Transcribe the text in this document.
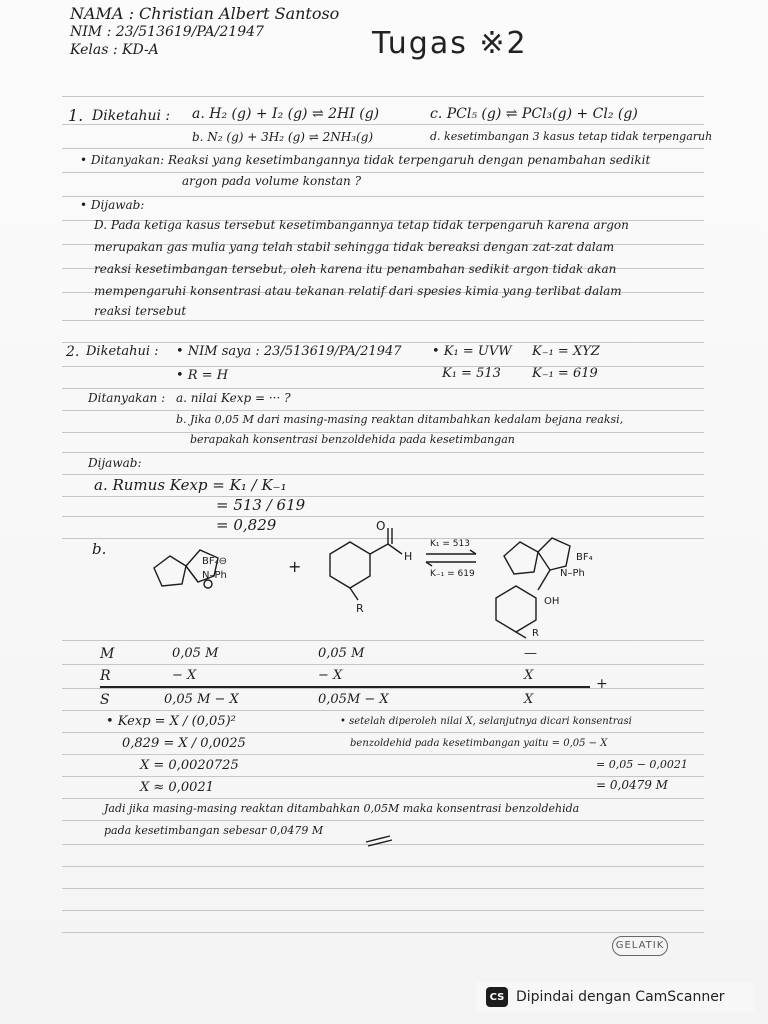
NAMA : Christian Albert Santoso
NIM : 23/513619/PA/21947
Kelas : KD-A	Tugas ※2
1. Diketahui : a. H₂ (g) + I₂ (g) ⇌ 2HI (g)	c. PCl₅ (g) ⇌ PCl₃(g) + Cl₂ (g)
b. N₂ (g) + 3H₂ (g) ⇌ 2NH₃(g)	d. kesetimbangan 3 kasus tetap tidak terpengaruh
• Ditanyakan: Reaksi yang kesetimbangannya tidak terpengaruh dengan penambahan sedikit
argon pada volume konstan ?
• Dijawab:
D. Pada ketiga kasus tersebut kesetimbangannya tetap tidak terpengaruh karena argon
merupakan gas mulia yang telah stabil sehingga tidak bereaksi dengan zat-zat dalam
reaksi kesetimbangan tersebut, oleh karena itu penambahan sedikit argon tidak akan
mempengaruhi konsentrasi atau tekanan relatif dari spesies kimia yang terlibat dalam
reaksi tersebut
2. Diketahui : • NIM saya : 23/513619/PA/21947 • K₁ = UVW K₋₁ = XYZ
• R = H	K₁ = 513 K₋₁ = 619
Ditanyakan : a. nilai Kexp = ··· ?
b. Jika 0,05 M dari masing-masing reaktan ditambahkan kedalam bejana reaksi,
berapakah konsentrasi benzoldehida pada kesetimbangan
Dijawab:
a. Rumus Kexp = K₁ / K₋₁
= 513 / 619
= 0,829
b.
BF₄⊖
N–Ph	+
O
H
R
K₁ = 513
K₋₁ = 619
BF₄
N–Ph
OH
R
M	0,05 M	0,05 M	—
R	− X	− X	X
+
S	0,05 M − X	0,05M − X	X
• Kexp = X / (0,05)²
0,829 = X / 0,0025
X = 0,0020725
X ≈ 0,0021
• setelah diperoleh nilai X, selanjutnya dicari konsentrasi
benzoldehid pada kesetimbangan yaitu = 0,05 − X
= 0,05 − 0,0021
= 0,0479 M
Jadi jika masing-masing reaktan ditambahkan 0,05M maka konsentrasi benzoldehida
pada kesetimbangan sebesar 0,0479 M
GELATIK
CS Dipindai dengan CamScanner
